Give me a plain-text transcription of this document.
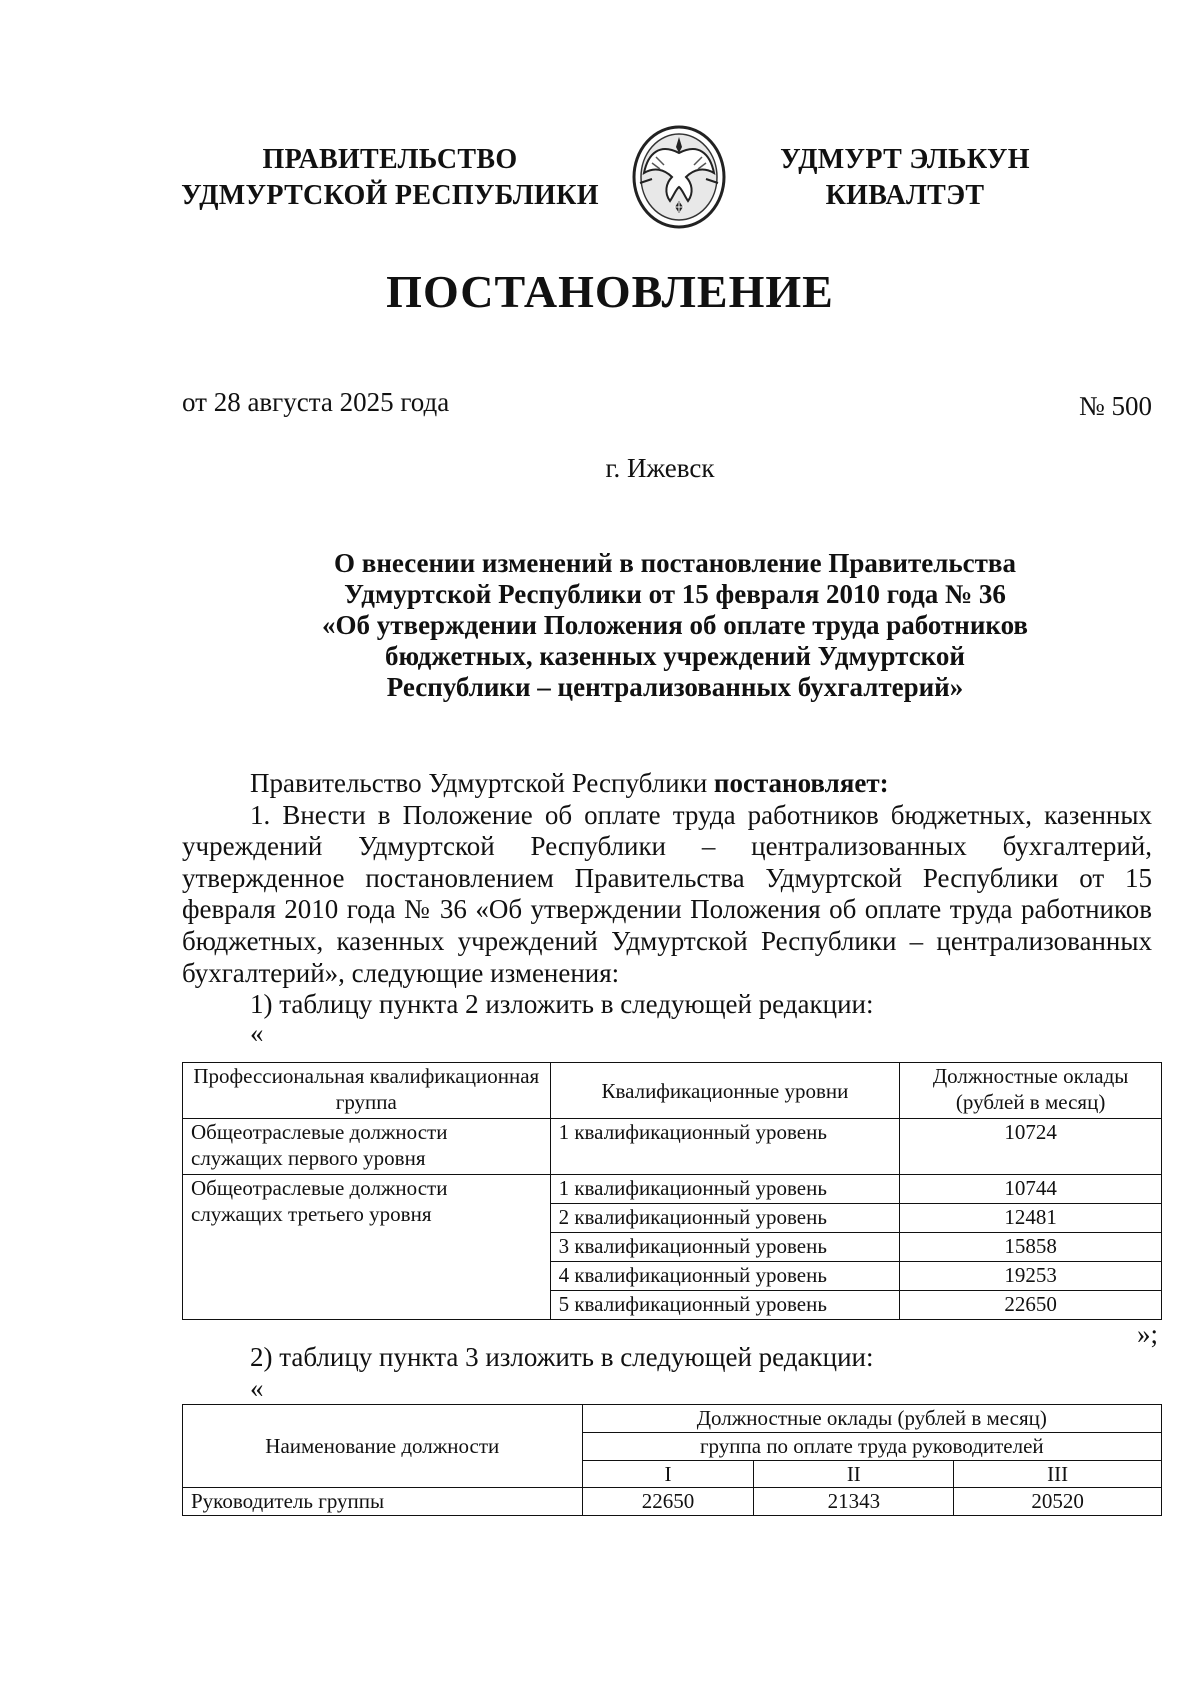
ПРАВИТЕЛЬСТВО
УДМУРТСКОЙ РЕСПУБЛИКИ
УДМУРТ ЭЛЬКУН
КИВАЛТЭТ
ПОСТАНОВЛЕНИЕ
от 28 августа 2025 года	№ 500
г. Ижевск
О внесении изменений в постановление Правительства
Удмуртской Республики от 15 февраля 2010 года № 36
«Об утверждении Положения об оплате труда работников
бюджетных, казенных учреждений Удмуртской
Республики – централизованных бухгалтерий»

Правительство Удмуртской Республики постановляет:

1. Внести в Положение об оплате труда работников бюджетных, казенных учреждений Удмуртской Республики – централизованных бухгалтерий, утвержденное постановлением Правительства Удмуртской Республики от 15 февраля 2010 года № 36 «Об утверждении Положения об оплате труда работников бюджетных, казенных учреждений Удмуртской Республики – централизованных бухгалтерий», следующие изменения:

1) таблицу пункта 2 изложить в следующей редакции:

«

Профессиональная квалификационная группа	Квалификационные уровни	Должностные оклады (рублей в месяц)
Общеотраслевые должности служащих первого уровня	1 квалификационный уровень	10724
Общеотраслевые должности служащих третьего уровня	1 квалификационный уровень	10744
	2 квалификационный уровень	12481
	3 квалификационный уровень	15858
	4 квалификационный уровень	19253
	5 квалификационный уровень	22650
»;
2) таблицу пункта 3 изложить в следующей редакции:
«
Наименование должности	Должностные оклады (рублей в месяц)		
	группа по оплате труда руководителей		
	I	II	III
Руководитель группы	22650	21343	20520
